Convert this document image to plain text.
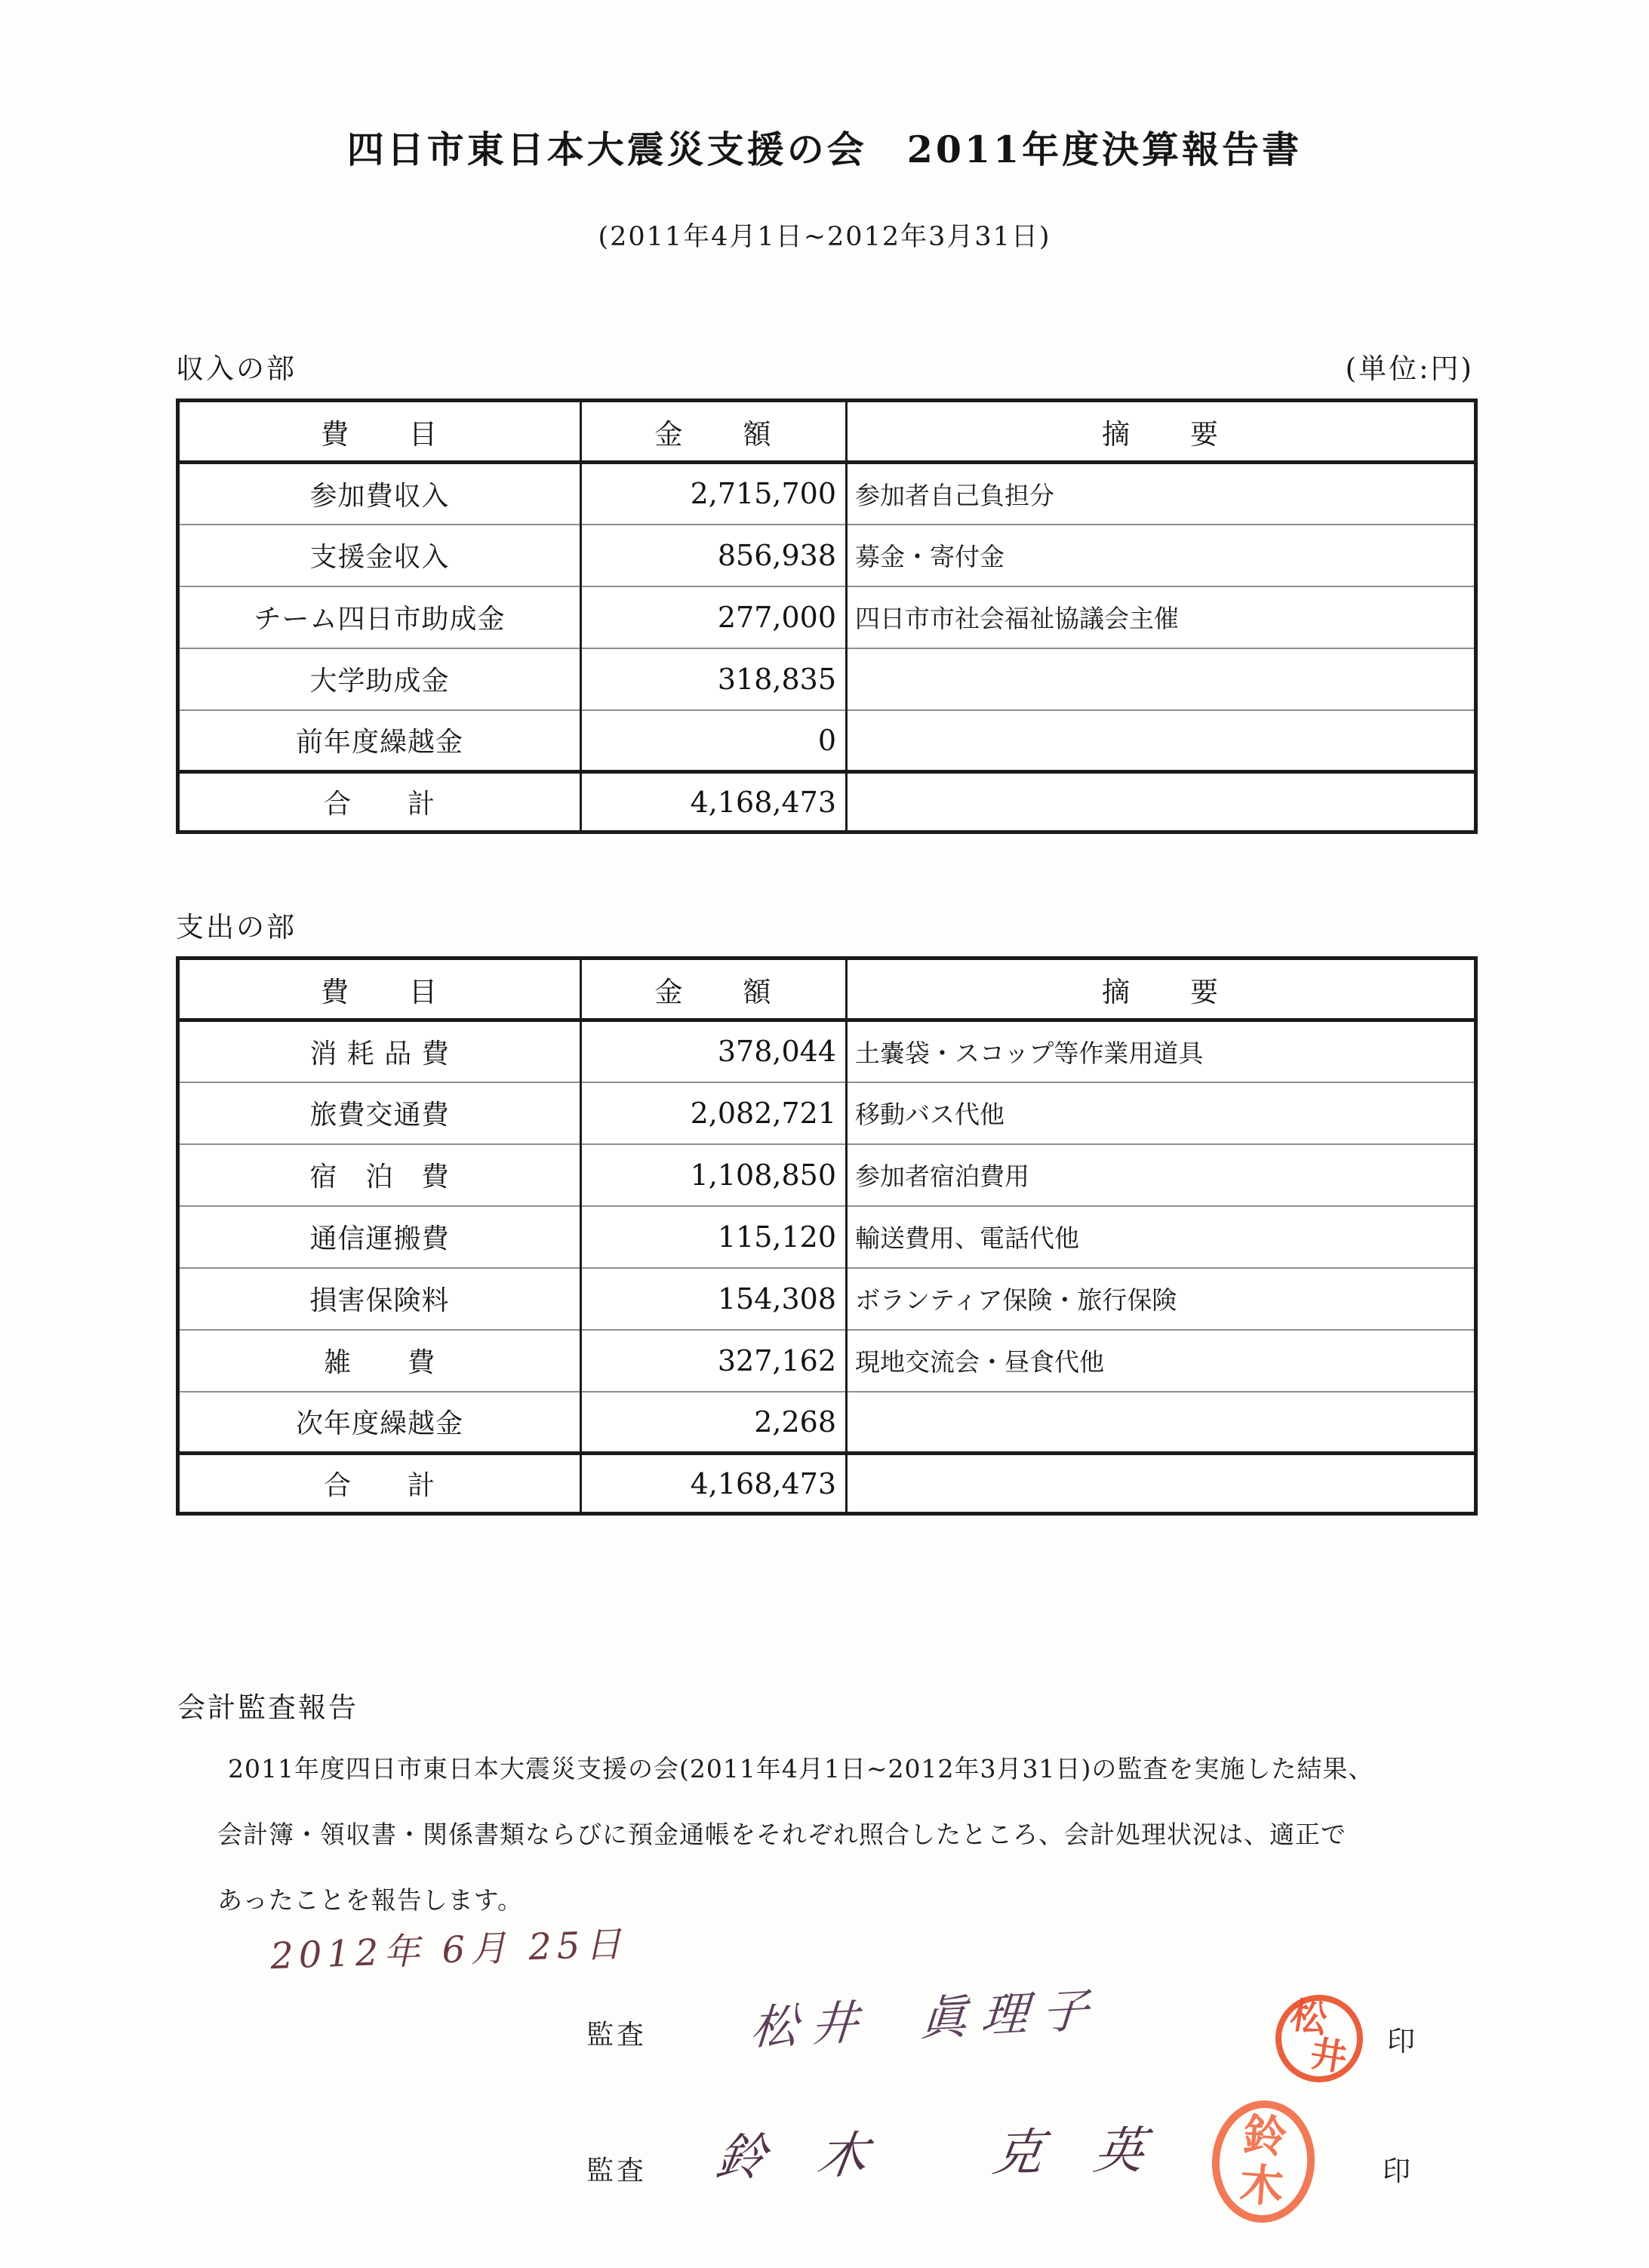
四日市東日本大震災支援の会　2011年度決算報告書
(2011年4月1日~2012年3月31日)
収入の部	(単位:円)
費　　目	金　　額	摘　　要
参加費収入	2,715,700	参加者自己負担分
支援金収入	856,938	募金・寄付金
チーム四日市助成金	277,000	四日市市社会福祉協議会主催
大学助成金	318,835	
前年度繰越金	0	
合　　計	4,168,473	
支出の部
費　　目	金　　額	摘　　要
消 耗 品 費	378,044	土嚢袋・スコップ等作業用道具
旅費交通費	2,082,721	移動バス代他
宿　泊　費	1,108,850	参加者宿泊費用
通信運搬費	115,120	輸送費用、電話代他
損害保険料	154,308	ボランティア保険・旅行保険
雑　　費	327,162	現地交流会・昼食代他
次年度繰越金	2,268	
合　　計	4,168,473	
会計監査報告
2011年度四日市東日本大震災支援の会(2011年4月1日~2012年3月31日)の監査を実施した結果、
会計簿・領収書・関係書類ならびに預金通帳をそれぞれ照合したところ、会計処理状況は、適正で
あったことを報告します。
2012年 6月 25日
監査 松井 眞理子	松
井 印
監査 鈴木 克英 鈴
木	印
